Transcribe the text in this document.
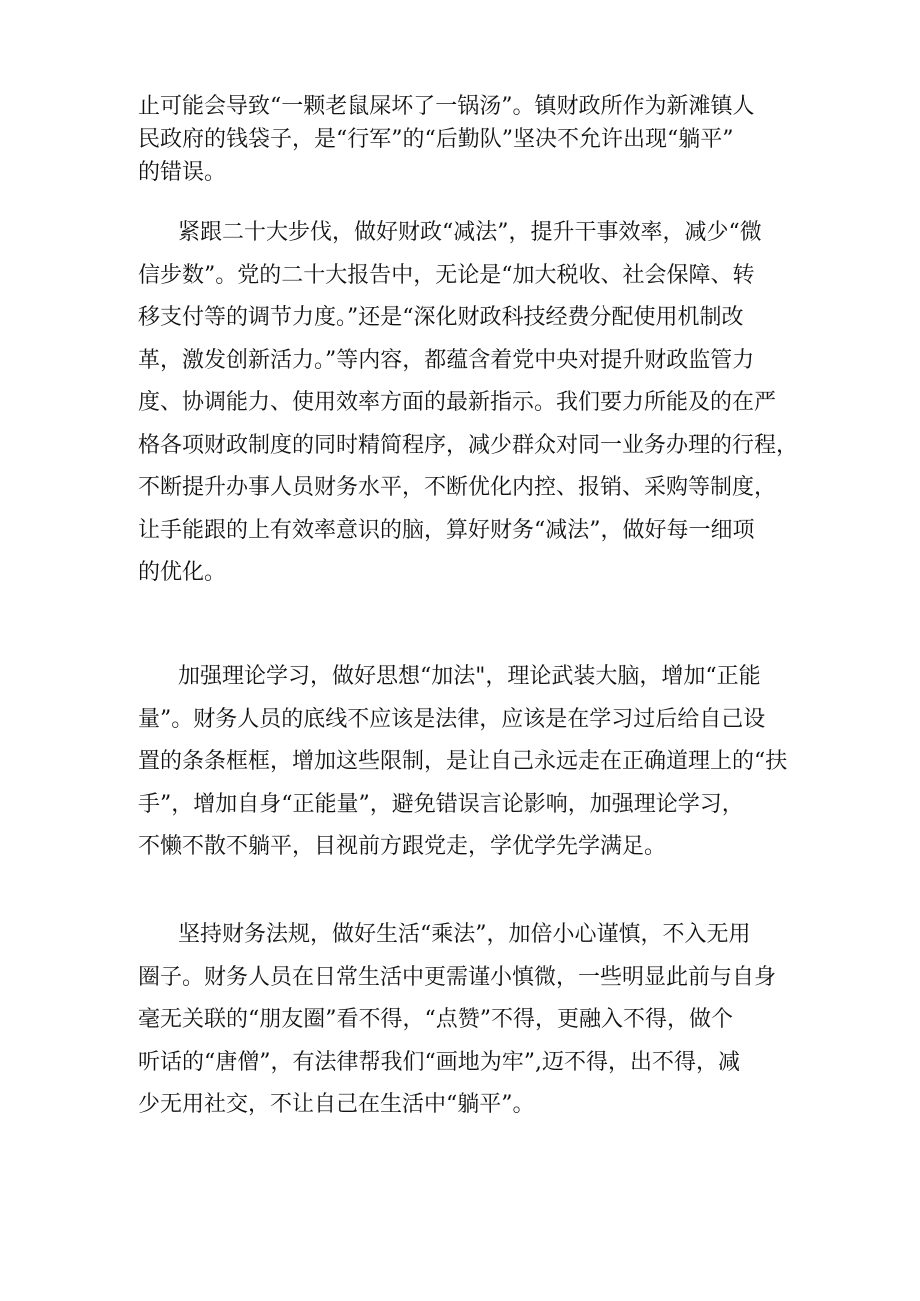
止可能会导致“一颗老鼠屎坏了一锅汤”。镇财政所作为新滩镇人
民政府的钱袋子，是“行军”的“后勤队”坚决不允许出现“躺平”
的错误。
紧跟二十大步伐，做好财政“减法”，提升干事效率，减少“微
信步数”。党的二十大报告中，无论是“加大税收、社会保障、转
移支付等的调节力度。”还是“深化财政科技经费分配使用机制改
革，激发创新活力。”等内容，都蕴含着党中央对提升财政监管力
度、协调能力、使用效率方面的最新指示。我们要力所能及的在严
格各项财政制度的同时精简程序，减少群众对同一业务办理的行程，
不断提升办事人员财务水平，不断优化内控、报销、采购等制度，
让手能跟的上有效率意识的脑，算好财务“减法”，做好每一细项
的优化。
加强理论学习，做好思想“加法"，理论武装大脑，增加“正能
量”。财务人员的底线不应该是法律，应该是在学习过后给自己设
置的条条框框，增加这些限制，是让自己永远走在正确道理上的“扶
手”，增加自身“正能量”，避免错误言论影响，加强理论学习，
不懒不散不躺平，目视前方跟党走，学优学先学满足。
坚持财务法规，做好生活“乘法”，加倍小心谨慎，不入无用
圈子。财务人员在日常生活中更需谨小慎微，一些明显此前与自身
毫无关联的“朋友圈”看不得，“点赞”不得，更融入不得，做个
听话的“唐僧”，有法律帮我们“画地为牢”,迈不得，出不得，减
少无用社交，不让自己在生活中“躺平”。
